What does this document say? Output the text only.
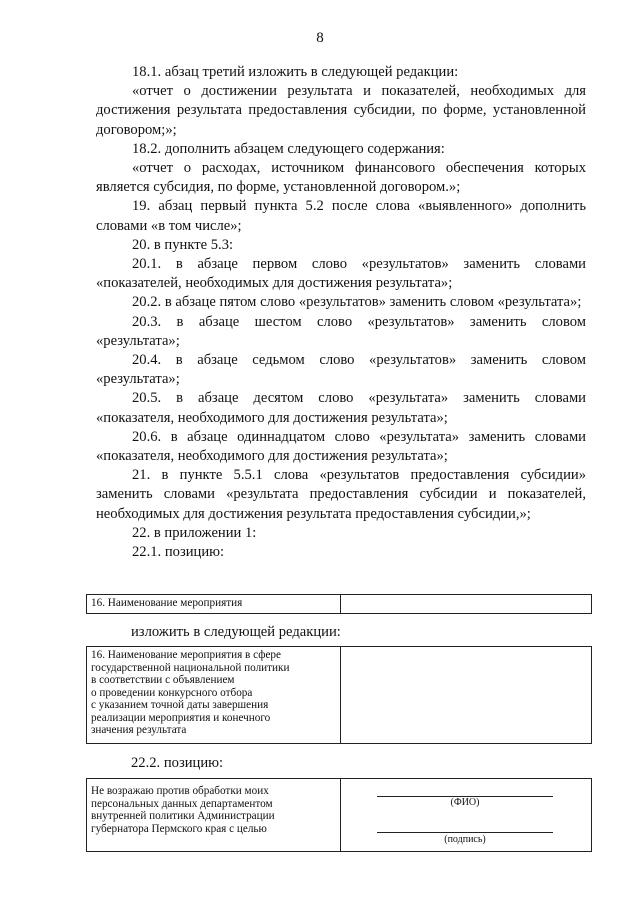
8

18.1. абзац третий изложить в следующей редакции:

«отчет о достижении результата и показателей, необходимых для достижения результата предоставления субсидии, по форме, установленной договором;»;

18.2. дополнить абзацем следующего содержания:

«отчет о расходах, источником финансового обеспечения которых является субсидия, по форме, установленной договором.»;

19. абзац первый пункта 5.2 после слова «выявленного» дополнить словами «в том числе»;

20. в пункте 5.3:

20.1. в абзаце первом слово «результатов» заменить словами «показателей, необходимых для достижения результата»;

20.2. в абзаце пятом слово «результатов» заменить словом «результата»;

20.3. в абзаце шестом слово «результатов» заменить словом «результата»;

20.4. в абзаце седьмом слово «результатов» заменить словом «результата»;

20.5. в абзаце десятом слово «результата» заменить словами «показателя, необходимого для достижения результата»;

20.6. в абзаце одиннадцатом слово «результата» заменить словами «показателя, необходимого для достижения результата»;

21. в пункте 5.5.1 слова «результатов предоставления субсидии» заменить словами «результата предоставления субсидии и показателей, необходимых для достижения результата предоставления субсидии,»;

22. в приложении 1:

22.1. позицию:

16. Наименование мероприятия
изложить в следующей редакции:
16. Наименование мероприятия в сфере
государственной национальной политики
в соответствии с объявлением
о проведении конкурсного отбора
с указанием точной даты завершения
реализации мероприятия и конечного
значения результата
22.2. позицию:
Не возражаю против обработки моих
персональных данных департаментом
внутренней политики Администрации
губернатора Пермского края с целью
(ФИО)
(подпись)
